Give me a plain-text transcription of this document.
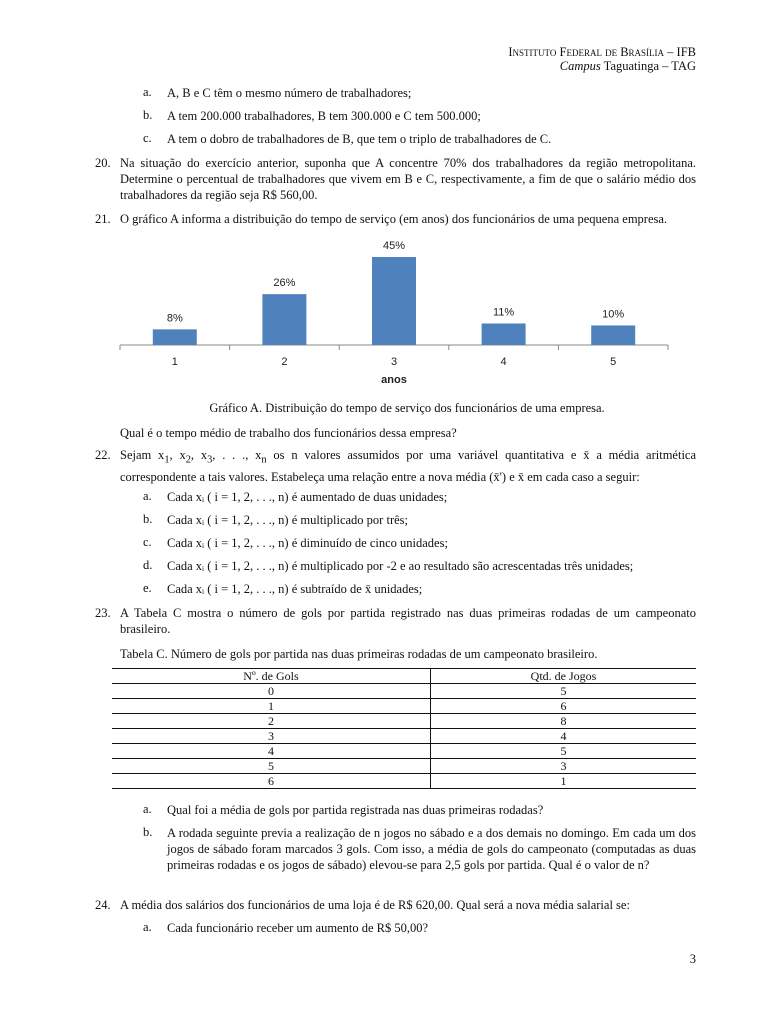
Instituto Federal de Brasília – IFB
Campus Taguatinga – TAG
a. A, B e C têm o mesmo número de trabalhadores;
b. A tem 200.000 trabalhadores, B tem 300.000 e C tem 500.000;
c. A tem o dobro de trabalhadores de B, que tem o triplo de trabalhadores de C.
20. Na situação do exercício anterior, suponha que A concentre 70% dos trabalhadores da região metropolitana. Determine o percentual de trabalhadores que vivem em B e C, respectivamente, a fim de que o salário médio dos trabalhadores da região seja R$ 560,00.
21. O gráfico A informa a distribuição do tempo de serviço (em anos) dos funcionários de uma pequena empresa.
8%
1
26%
2
45%
3
11%
4
10%
5
anos
Gráfico A. Distribuição do tempo de serviço dos funcionários de uma empresa.
Qual é o tempo médio de trabalho dos funcionários dessa empresa?
22. Sejam $x_1$, $x_2$, $x_3$, . . ., $x_n$ os n valores assumidos por uma variável quantitativa e x̄ a média aritmética correspondente a tais valores. Estabeleça uma relação entre a nova média (x̄') e x̄ em cada caso a seguir:
a. Cada xᵢ ( i = 1, 2, . . ., n) é aumentado de duas unidades;
b. Cada xᵢ ( i = 1, 2, . . ., n) é multiplicado por três;
c. Cada xᵢ ( i = 1, 2, . . ., n) é diminuído de cinco unidades;
d. Cada xᵢ ( i = 1, 2, . . ., n) é multiplicado por -2 e ao resultado são acrescentadas três unidades;
e. Cada xᵢ ( i = 1, 2, . . ., n) é subtraído de x̄ unidades;
23. A Tabela C mostra o número de gols por partida registrado nas duas primeiras rodadas de um campeonato brasileiro.
Tabela C. Número de gols por partida nas duas primeiras rodadas de um campeonato brasileiro.
Nº. de Gols	Qtd. de Jogos
0	5
1	6
2	8
3	4
4	5
5	3
6	1
a. Qual foi a média de gols por partida registrada nas duas primeiras rodadas?
b. A rodada seguinte previa a realização de n jogos no sábado e a dos demais no domingo. Em cada um dos jogos de sábado foram marcados 3 gols. Com isso, a média de gols do campeonato (computadas as duas primeiras rodadas e os jogos de sábado) elevou-se para 2,5 gols por partida. Qual é o valor de n?
24. A média dos salários dos funcionários de uma loja é de R$ 620,00. Qual será a nova média salarial se:
a. Cada funcionário receber um aumento de R$ 50,00?
3
